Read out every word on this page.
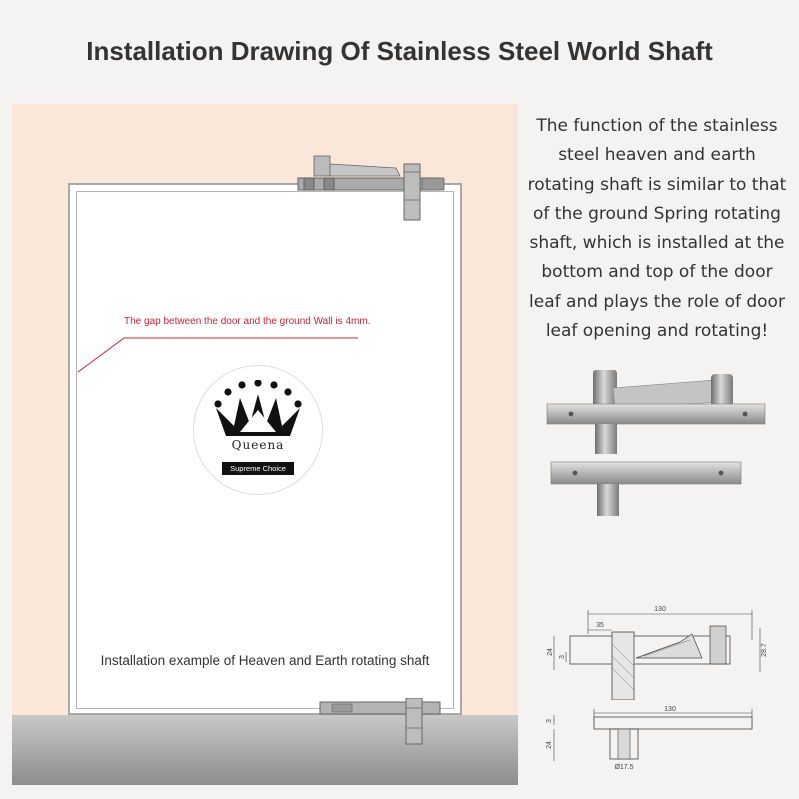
Installation Drawing Of Stainless Steel World Shaft
The gap between the door and the ground Wall is 4mm.
Queena
Supreme Choice
Installation example of Heaven and Earth rotating shaft
The function of the stainless steel heaven and earth rotating shaft is similar to that of the ground Spring rotating shaft, which is installed at the bottom and top of the door leaf and plays the role of door leaf opening and rotating!
130
35
24
3
28.7
130
3
24
Ø17.5
